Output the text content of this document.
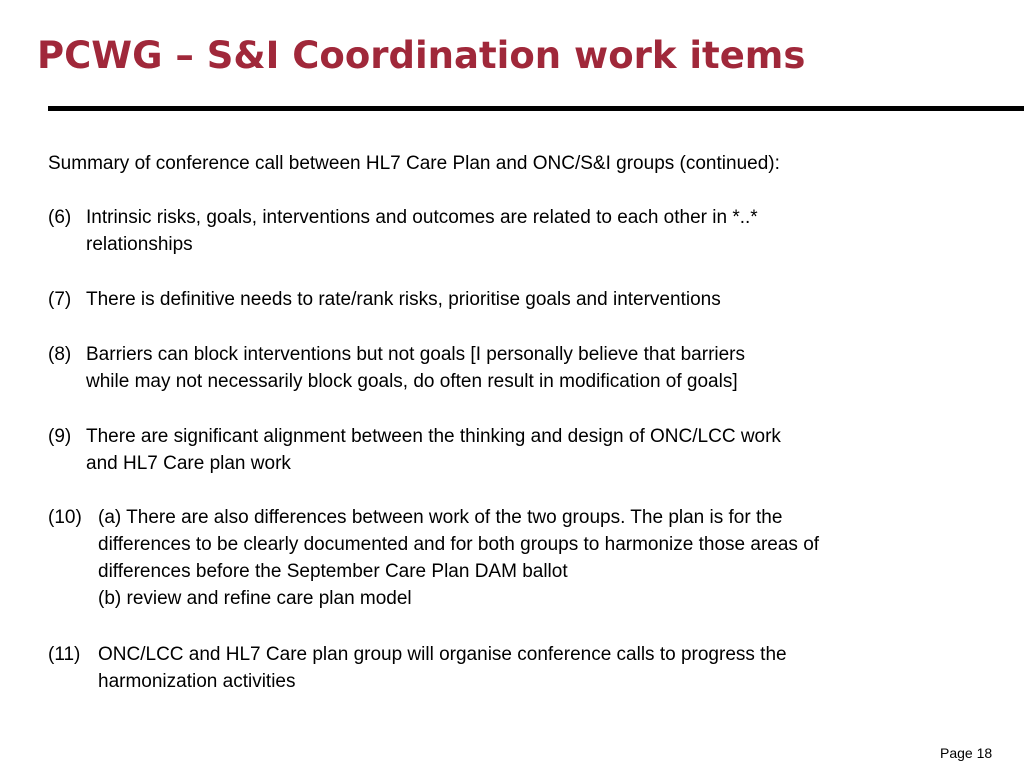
PCWG – S&I Coordination work items

Summary of conference call between HL7 Care Plan and ONC/S&I groups (continued):

(6) Intrinsic risks, goals, interventions and outcomes are related to each other in *..*
relationships
(7) There is definitive needs to rate/rank risks, prioritise goals and interventions
(8) Barriers can block interventions but not goals [I personally believe that barriers
while may not necessarily block goals, do often result in modification of goals]
(9) There are significant alignment between the thinking and design of ONC/LCC work
and HL7 Care plan work
(10) (a) There are also differences between work of the two groups. The plan is for the
differences to be clearly documented and for both groups to harmonize those areas of
differences before the September Care Plan DAM ballot
(b) review and refine care plan model
(11) ONC/LCC and HL7 Care plan group will organise conference calls to progress the
harmonization activities
Page 18
